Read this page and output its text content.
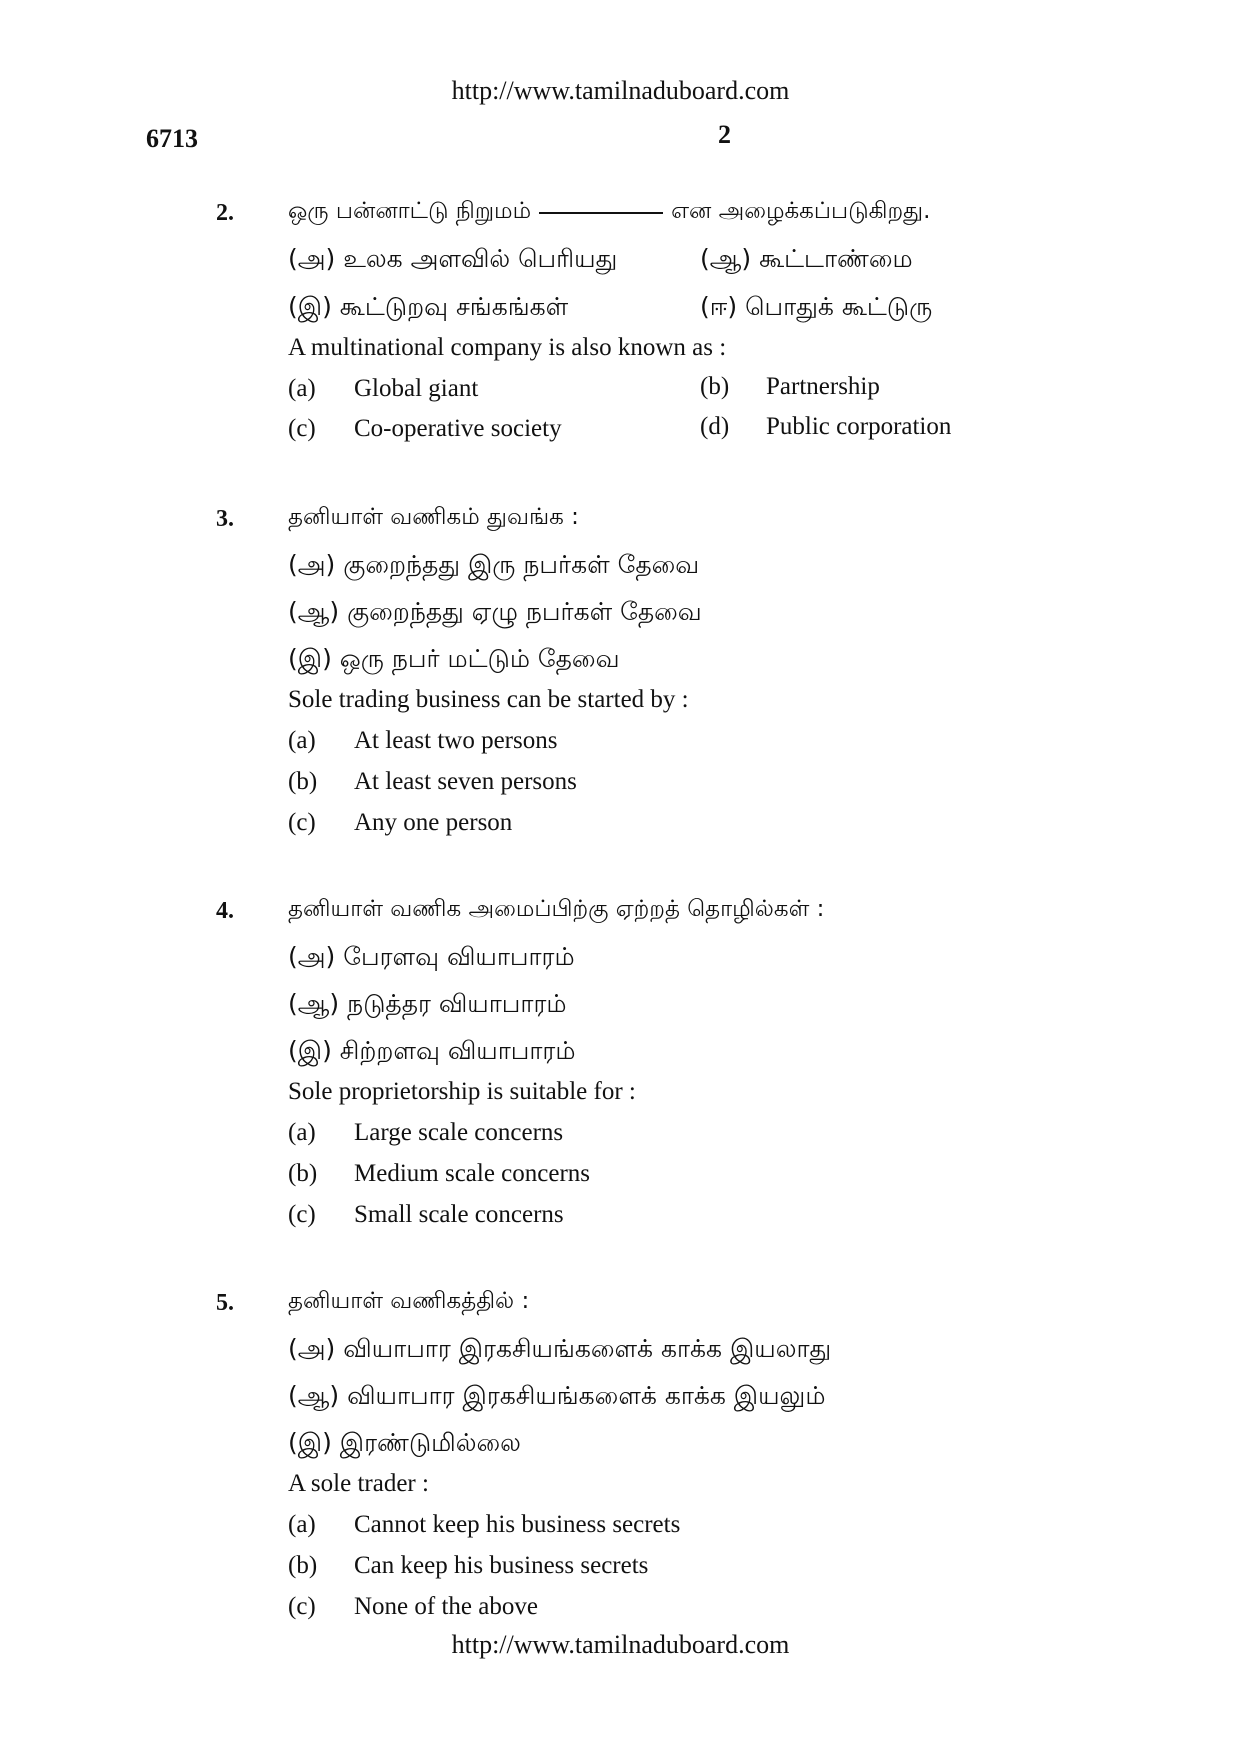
http://www.tamilnaduboard.com
6713	2
2. ஒரு பன்னாட்டு நிறுமம்	என அழைக்கப்படுகிறது.
(அ) உலக அளவில் பெரியது	(ஆ) கூட்டாண்மை
(இ) கூட்டுறவு சங்கங்கள்	(ஈ) பொதுக் கூட்டுரு
A multinational company is also known as :
(a) Global giant	(b) Partnership
(c) Co-operative society	(d) Public corporation
3. தனியாள் வணிகம் துவங்க :
(அ) குறைந்தது இரு நபர்கள் தேவை
(ஆ) குறைந்தது ஏழு நபர்கள் தேவை
(இ) ஒரு நபர் மட்டும் தேவை
Sole trading business can be started by :
(a) At least two persons
(b) At least seven persons
(c) Any one person
4. தனியாள் வணிக அமைப்பிற்கு ஏற்றத் தொழில்கள் :
(அ) பேரளவு வியாபாரம்
(ஆ) நடுத்தர வியாபாரம்
(இ) சிற்றளவு வியாபாரம்
Sole proprietorship is suitable for :
(a) Large scale concerns
(b) Medium scale concerns
(c) Small scale concerns
5. தனியாள் வணிகத்தில் :
(அ) வியாபார இரகசியங்களைக் காக்க இயலாது
(ஆ) வியாபார இரகசியங்களைக் காக்க இயலும்
(இ) இரண்டுமில்லை
A sole trader :
(a) Cannot keep his business secrets
(b) Can keep his business secrets
(c) None of the above
http://www.tamilnaduboard.com
